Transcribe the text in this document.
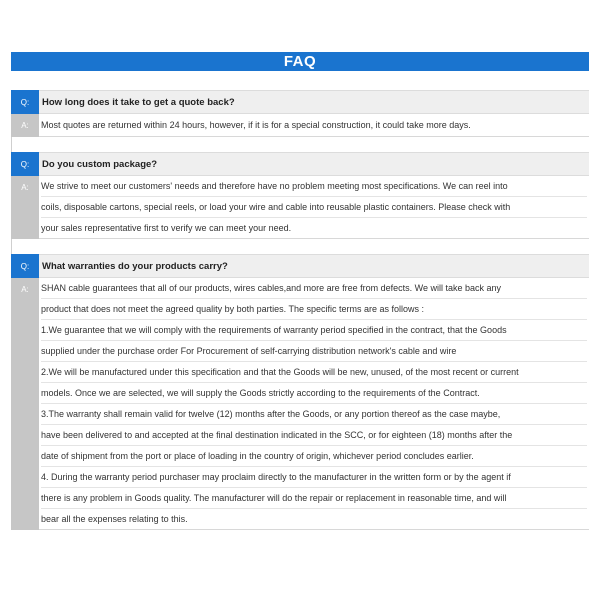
FAQ
Q:	How long does it take to get a quote back?
A:	Most quotes are returned within 24 hours, however, if it is for a special construction, it could take more days.
Q:	Do you custom package?
A:	We strive to meet our customers' needs and therefore have no problem meeting most specifications. We can reel into
coils, disposable cartons, special reels, or load your wire and cable into reusable plastic containers. Please check with
your sales representative first to verify we can meet your need.
Q:	What warranties do your products carry?
A:	SHAN cable guarantees that all of our products, wires cables,and more are free from defects. We will take back any
product that does not meet the agreed quality by both parties. The specific terms are as follows :
1.We guarantee that we will comply with the requirements of warranty period specified in the contract, that the Goods
supplied under the purchase order For Procurement of self-carrying distribution network's cable and wire
2.We will be manufactured under this specification and that the Goods will be new, unused, of the most recent or current
models. Once we are selected, we will supply the Goods strictly according to the requirements of the Contract.
3.The warranty shall remain valid for twelve (12) months after the Goods, or any portion thereof as the case maybe,
have been delivered to and accepted at the final destination indicated in the SCC, or for eighteen (18) months after the
date of shipment from the port or place of loading in the country of origin, whichever period concludes earlier.
4. During the warranty period purchaser may proclaim directly to the manufacturer in the written form or by the agent if
there is any problem in Goods quality. The manufacturer will do the repair or replacement in reasonable time, and will
bear all the expenses relating to this.
